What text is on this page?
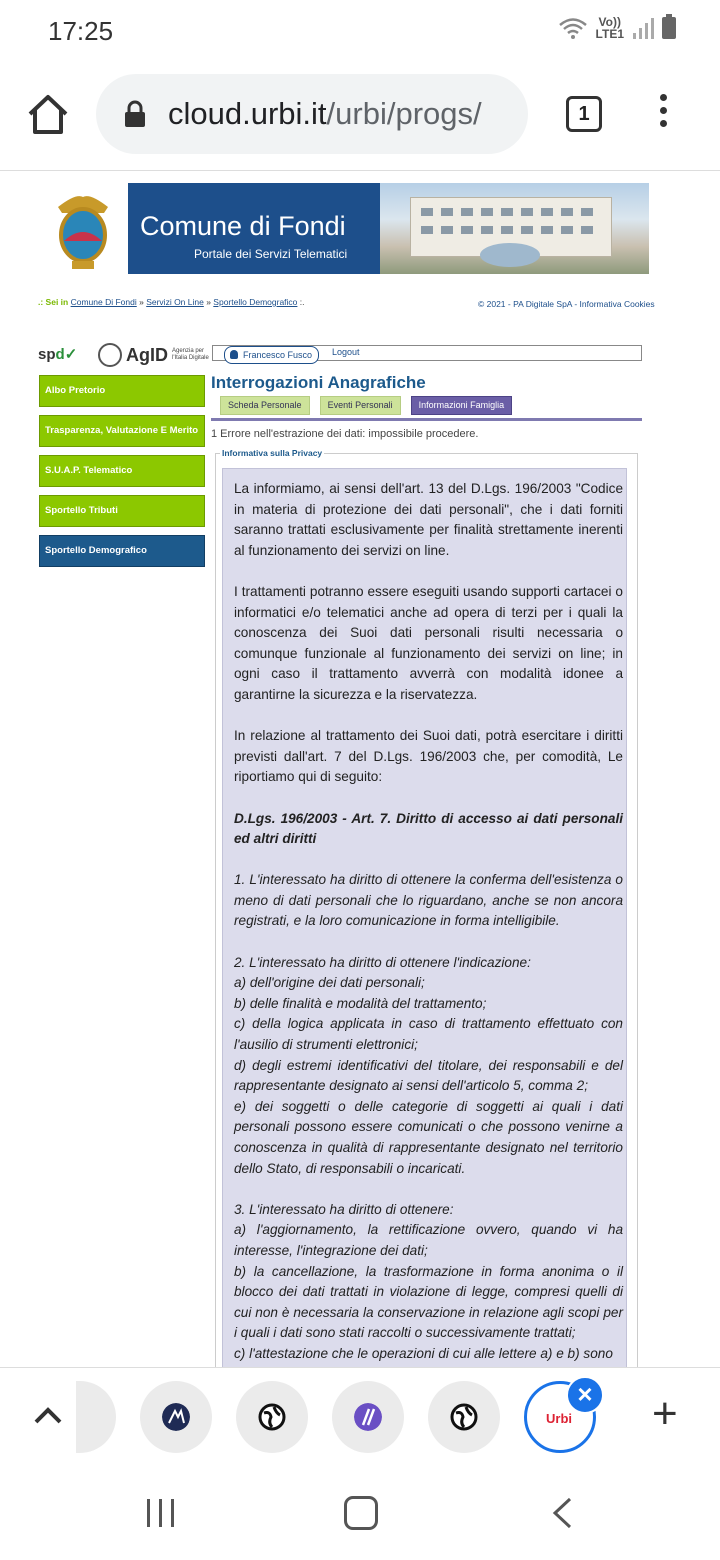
17:25	Vo))
LTE1
cloud.urbi.it/urbi/progs/	1
Comune di Fondi
Portale dei Servizi Telematici
.: Sei in Comune Di Fondi » Servizi On Line » Sportello Demografico :.	© 2021 - PA Digitale SpA - Informativa Cookies
spd✓	AgID Agenzia per l'Italia Digitale	Francesco Fusco	Logout
Albo Pretorio
Trasparenza, Valutazione E Merito
S.U.A.P. Telematico
Sportello Tributi
Sportello Demografico
Interrogazioni Anagrafiche
Scheda Personale	Eventi Personali	Informazioni Famiglia
1 Errore nell'estrazione dei dati: impossibile procedere.
Informativa sulla Privacy

La informiamo, ai sensi dell'art. 13 del D.Lgs. 196/2003 "Codice in materia di protezione dei dati personali", che i dati forniti saranno trattati esclusivamente per finalità strettamente inerenti al funzionamento dei servizi on line.

I trattamenti potranno essere eseguiti usando supporti cartacei o informatici e/o telematici anche ad opera di terzi per i quali la conoscenza dei Suoi dati personali risulti necessaria o comunque funzionale al funzionamento dei servizi on line; in ogni caso il trattamento avverrà con modalità idonee a garantirne la sicurezza e la riservatezza.

In relazione al trattamento dei Suoi dati, potrà esercitare i diritti previsti dall'art. 7 del D.Lgs. 196/2003 che, per comodità, Le riportiamo qui di seguito:

D.Lgs. 196/2003 - Art. 7. Diritto di accesso ai dati personali ed altri diritti

1. L'interessato ha diritto di ottenere la conferma dell'esistenza o meno di dati personali che lo riguardano, anche se non ancora registrati, e la loro comunicazione in forma intelligibile.

2. L'interessato ha diritto di ottenere l'indicazione:
a) dell'origine dei dati personali;
b) delle finalità e modalità del trattamento;
c) della logica applicata in caso di trattamento effettuato con l'ausilio di strumenti elettronici;
d) degli estremi identificativi del titolare, dei responsabili e del rappresentante designato ai sensi dell'articolo 5, comma 2;

e) dei soggetti o delle categorie di soggetti ai quali i dati personali possono essere comunicati o che possono venirne a conoscenza in qualità di rappresentante designato nel territorio dello Stato, di responsabili o incaricati.

3. L'interessato ha diritto di ottenere:
a) l'aggiornamento, la rettificazione ovvero, quando vi ha interesse, l'integrazione dei dati;
b) la cancellazione, la trasformazione in forma anonima o il blocco dei dati trattati in violazione di legge, compresi quelli di cui non è necessaria la conservazione in relazione agli scopi per i quali i dati sono stati raccolti o successivamente trattati;
c) l'attestazione che le operazioni di cui alle lettere a) e b) sono
Urbi
× +
